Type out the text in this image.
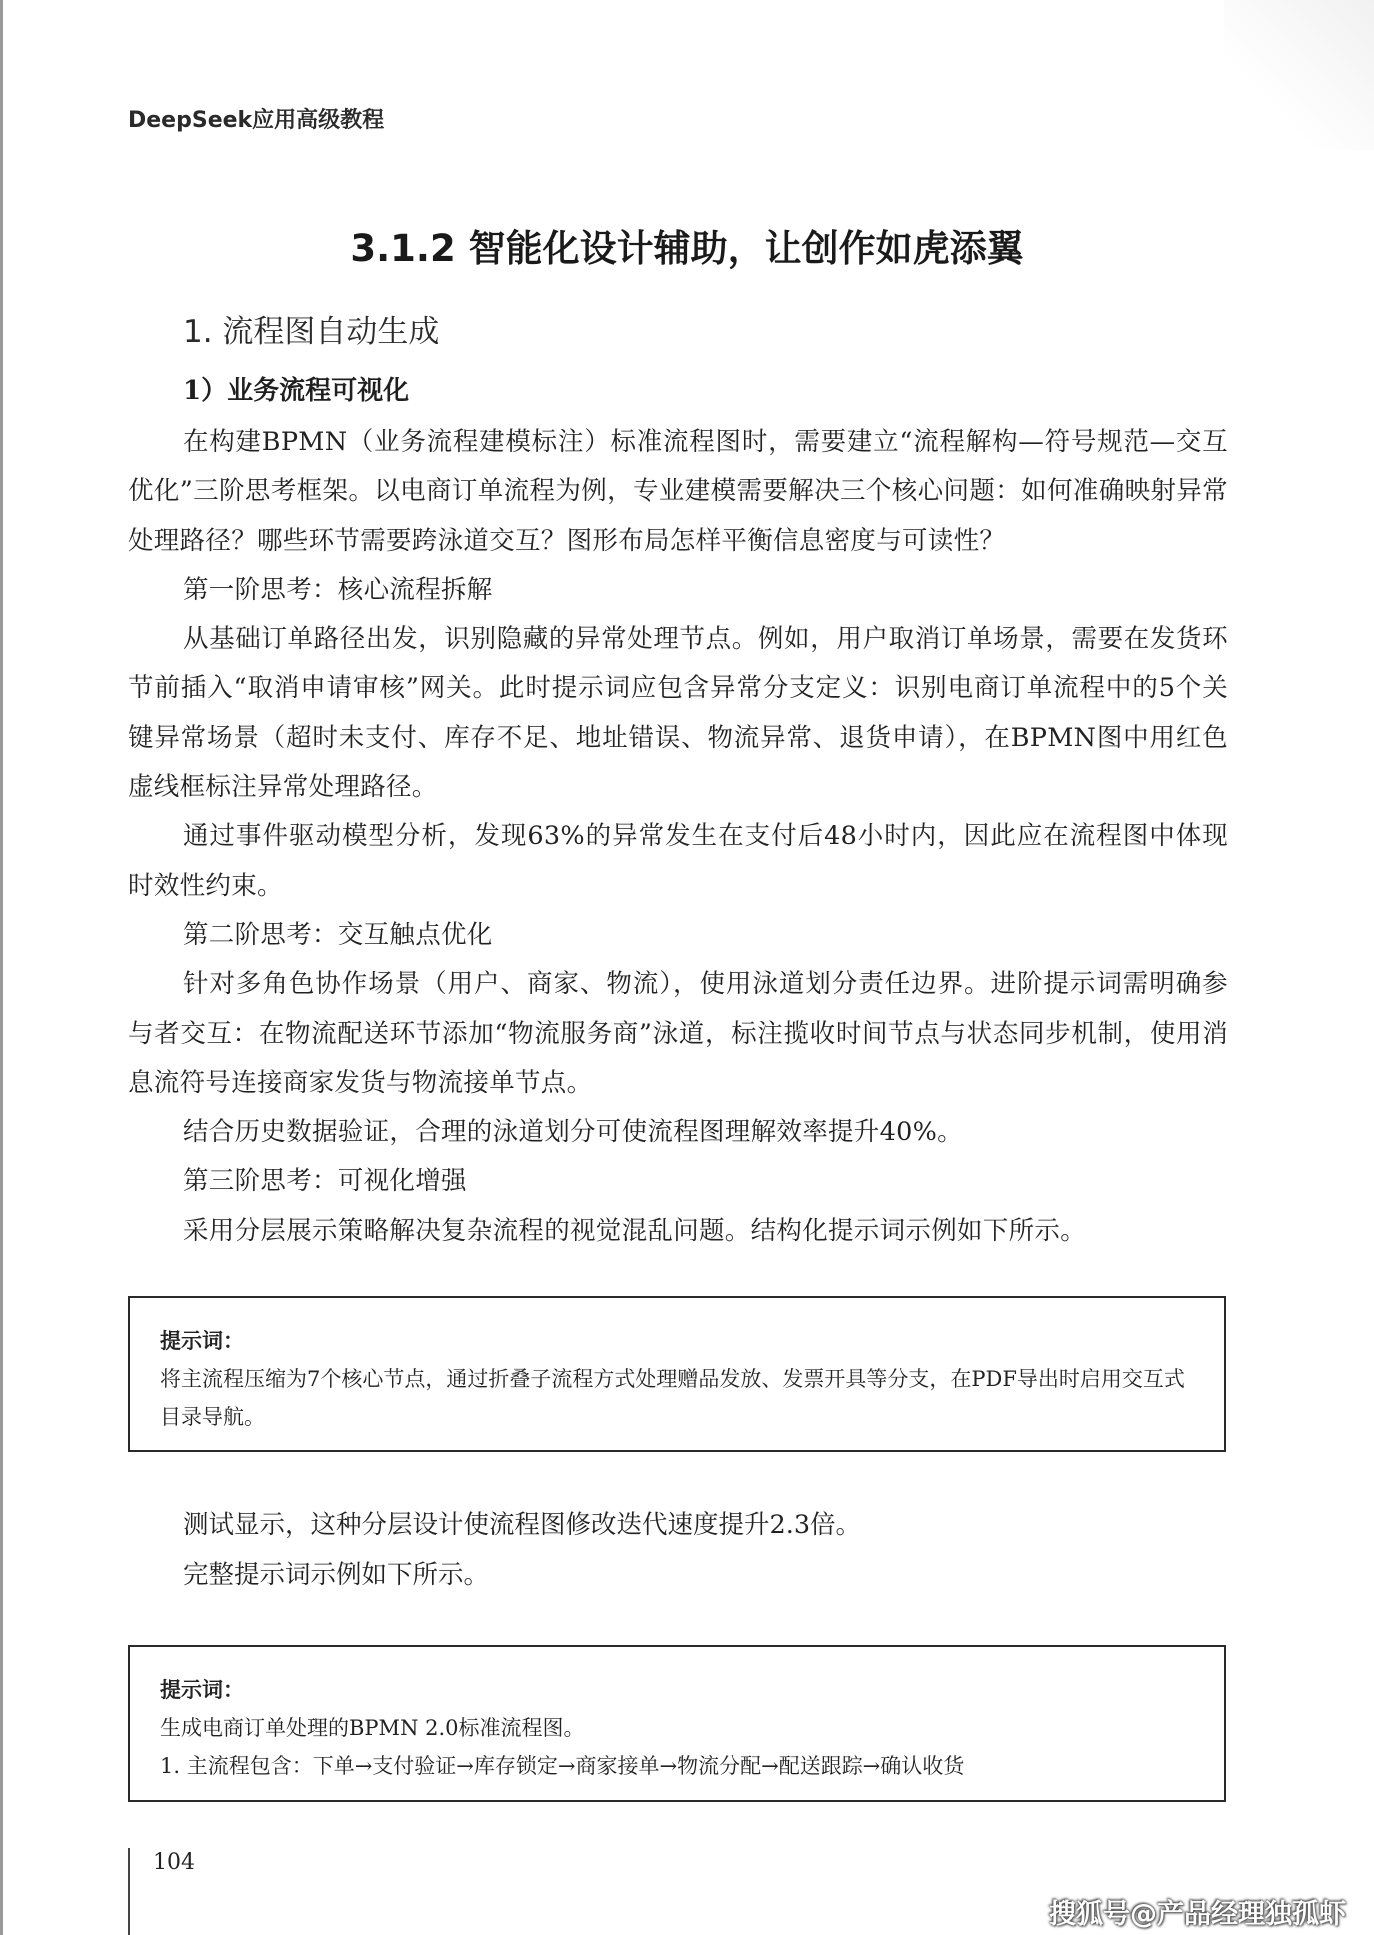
DeepSeek应用高级教程
3.1.2 智能化设计辅助，让创作如虎添翼
1. 流程图自动生成
1）业务流程可视化

在构建BPMN（业务流程建模标注）标准流程图时，需要建立“流程解构—符号规范—交互优化”三阶思考框架。以电商订单流程为例，专业建模需要解决三个核心问题：如何准确映射异常处理路径？哪些环节需要跨泳道交互？图形布局怎样平衡信息密度与可读性？

第一阶思考：核心流程拆解

从基础订单路径出发，识别隐藏的异常处理节点。例如，用户取消订单场景，需要在发货环节前插入“取消申请审核”网关。此时提示词应包含异常分支定义：识别电商订单流程中的5个关键异常场景（超时未支付、库存不足、地址错误、物流异常、退货申请），在BPMN图中用红色虚线框标注异常处理路径。

通过事件驱动模型分析，发现63%的异常发生在支付后48小时内，因此应在流程图中体现时效性约束。

第二阶思考：交互触点优化

针对多角色协作场景（用户、商家、物流），使用泳道划分责任边界。进阶提示词需明确参与者交互：在物流配送环节添加“物流服务商”泳道，标注揽收时间节点与状态同步机制，使用消息流符号连接商家发货与物流接单节点。

结合历史数据验证，合理的泳道划分可使流程图理解效率提升40%。

第三阶思考：可视化增强

采用分层展示策略解决复杂流程的视觉混乱问题。结构化提示词示例如下所示。

提示词：
将主流程压缩为7个核心节点，通过折叠子流程方式处理赠品发放、发票开具等分支，在PDF导出时启用交互式目录导航。

测试显示，这种分层设计使流程图修改迭代速度提升2.3倍。

完整提示词示例如下所示。

提示词：
生成电商订单处理的BPMN 2.0标准流程图。
1. 主流程包含：下单→支付验证→库存锁定→商家接单→物流分配→配送跟踪→确认收货
104
搜狐号@产品经理独孤虾
